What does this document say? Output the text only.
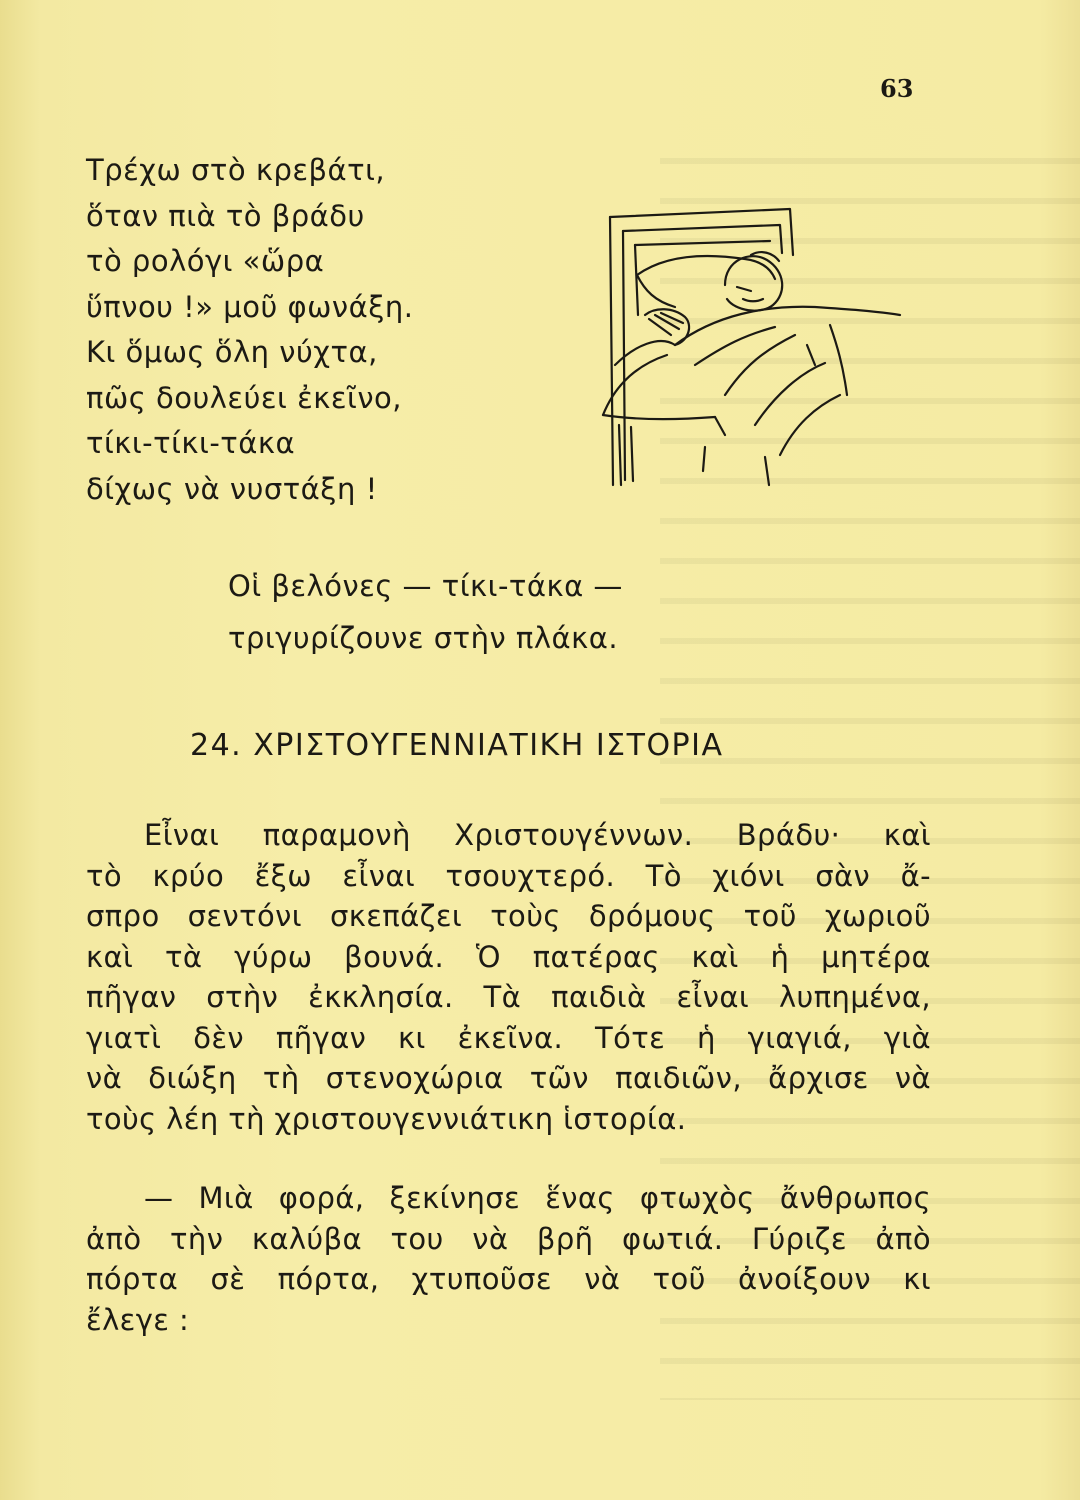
63
Τρέχω στὸ κρεβάτι,
ὅταν πιὰ τὸ βράδυ
τὸ ρολόγι «ὥρα
ὕπνου !» μοῦ φωνάξη.
Κι ὅμως ὅλη νύχτα,
πῶς δουλεύει ἐκεῖνο,
τίκι-τίκι-τάκα
δίχως νὰ νυστάξη !
Οἱ βελόνες — τίκι-τάκα —
τριγυρίζουνε στὴν πλάκα.
24. ΧΡΙΣΤΟΥΓΕΝΝΙΑΤΙΚΗ ΙΣΤΟΡΙΑ
Εἶναι παραμονὴ Χριστουγέννων. Βράδυ· καὶ
τὸ κρύο ἔξω εἶναι τσουχτερό. Τὸ χιόνι σὰν ἄ-
σπρο σεντόνι σκεπάζει τοὺς δρόμους τοῦ χωριοῦ
καὶ τὰ γύρω βουνά. Ὁ πατέρας καὶ ἡ μητέρα
πῆγαν στὴν ἐκκλησία. Τὰ παιδιὰ εἶναι λυπημένα,
γιατὶ δὲν πῆγαν κι ἐκεῖνα. Τότε ἡ γιαγιά, γιὰ
νὰ διώξη τὴ στενοχώρια τῶν παιδιῶν, ἄρχισε νὰ
τοὺς λέη τὴ χριστουγεννιάτικη ἱστορία.
— Μιὰ φορά, ξεκίνησε ἕνας φτωχὸς ἄνθρωπος
ἀπὸ τὴν καλύβα του νὰ βρῆ φωτιά. Γύριζε ἀπὸ
πόρτα σὲ πόρτα, χτυποῦσε νὰ τοῦ ἀνοίξουν κι
ἔλεγε :
